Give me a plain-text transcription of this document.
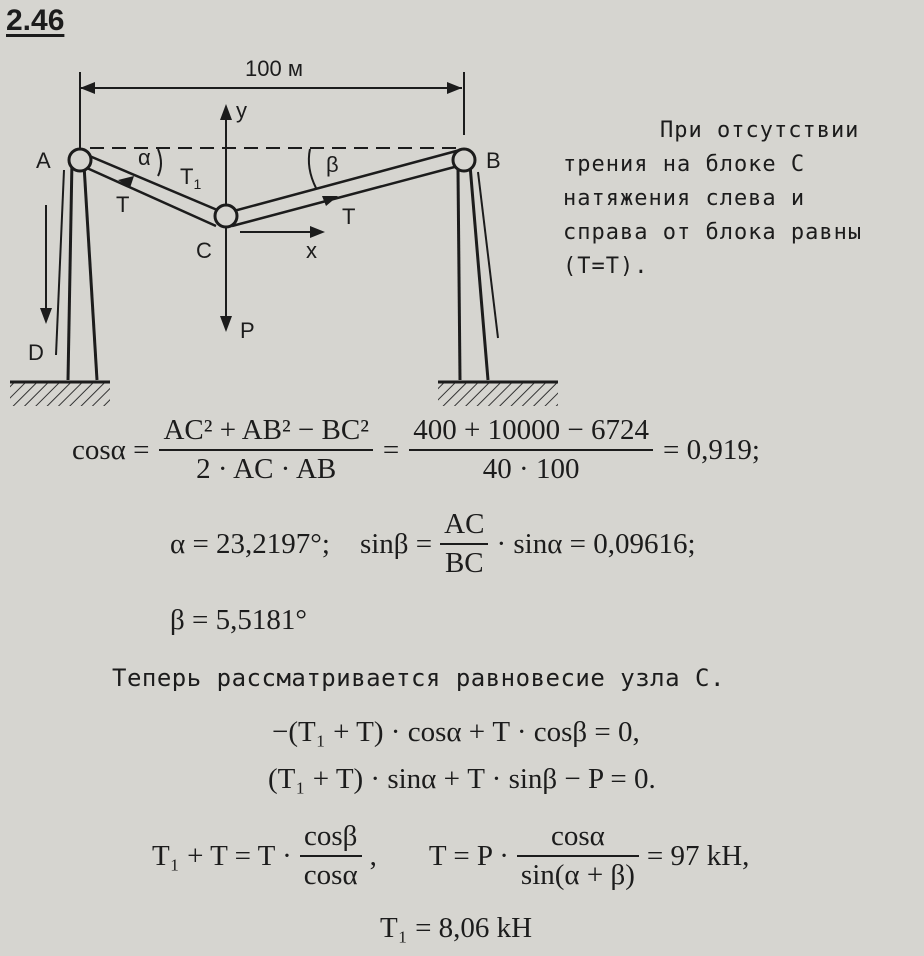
2.46
100 м
A	B
C
D
α	β
T	T
$T_1$
y
x
P
При отсутствии
трения на блоке С
натяжения слева и
справа от блока равны
(Т=Т).
$\cos\alpha = \frac{\text{AC² + AB² − BC²}}{2 \cdot AC \cdot AB} = \frac{400 + 10000 - 6724}{40 \cdot 100} = 0,919$;
α = 23,2197°; $\sin\beta = \frac{AC}{BC} \cdot \sin\alpha = 0,09616$;
β = 5,5181°
Теперь рассматривается равновесие узла С.
−(T₁ + T) · cosα + T · cosβ = 0,
(T₁ + T) · sinα + T · sinβ − P = 0.
$T_1 + T = T \cdot \frac{\cos\beta}{\cos\alpha}$ , $T = P \cdot \frac{\cos\alpha}{\sin(\alpha + \beta)} = 97$ kH,
T₁ = 8,06 kH
